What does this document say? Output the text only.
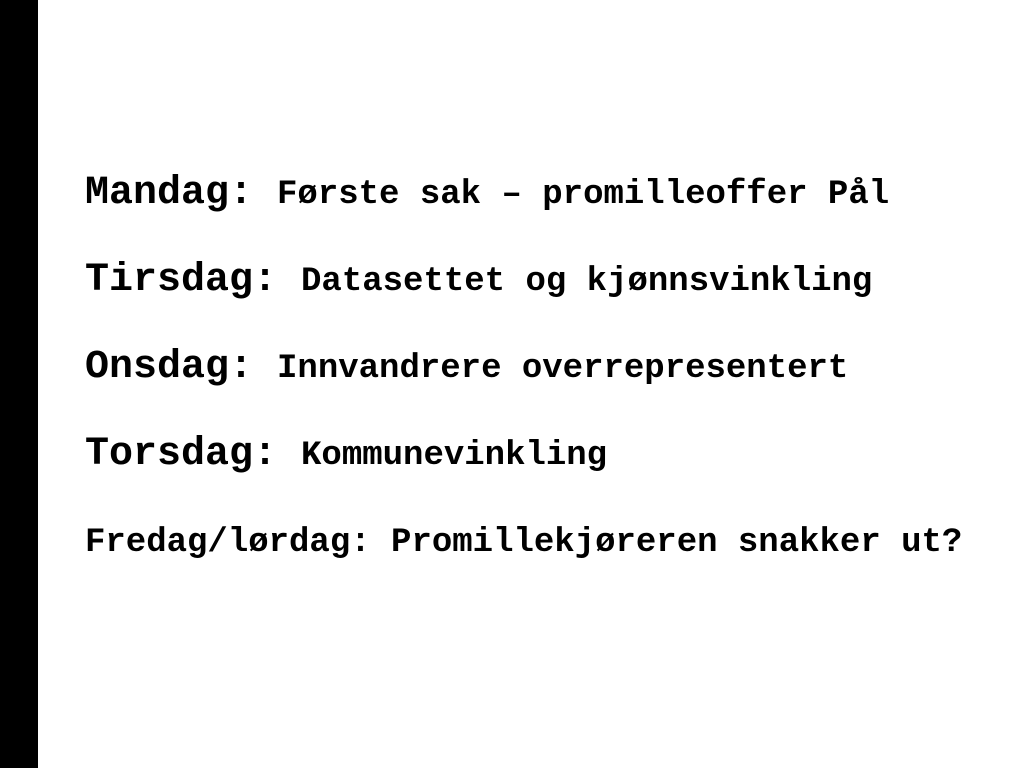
Mandag: Første sak – promilleoffer Pål
Tirsdag: Datasettet og kjønnsvinkling
Onsdag: Innvandrere overrepresentert
Torsdag: Kommunevinkling
Fredag/lørdag: Promillekjøreren snakker ut?
